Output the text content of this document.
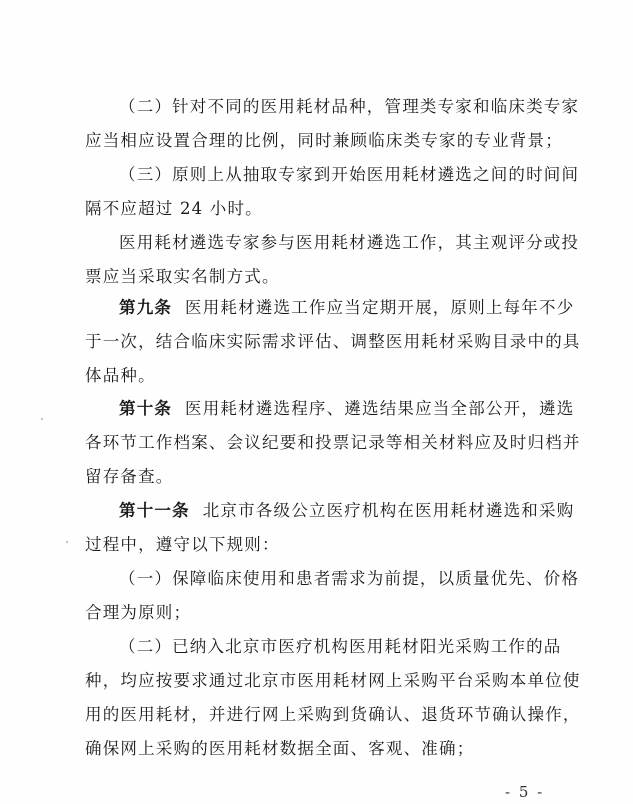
（二）针对不同的医用耗材品种，管理类专家和临床类专家
应当相应设置合理的比例，同时兼顾临床类专家的专业背景；
（三）原则上从抽取专家到开始医用耗材遴选之间的时间间
隔不应超过 24 小时。
医用耗材遴选专家参与医用耗材遴选工作，其主观评分或投
票应当采取实名制方式。
第九条 医用耗材遴选工作应当定期开展，原则上每年不少
于一次，结合临床实际需求评估、调整医用耗材采购目录中的具
体品种。
第十条 医用耗材遴选程序、遴选结果应当全部公开，遴选
各环节工作档案、会议纪要和投票记录等相关材料应及时归档并
留存备查。
第十一条 北京市各级公立医疗机构在医用耗材遴选和采购
过程中，遵守以下规则：
（一）保障临床使用和患者需求为前提，以质量优先、价格
合理为原则；
（二）已纳入北京市医疗机构医用耗材阳光采购工作的品
种，均应按要求通过北京市医用耗材网上采购平台采购本单位使
用的医用耗材，并进行网上采购到货确认、退货环节确认操作，
确保网上采购的医用耗材数据全面、客观、准确；
- 5 -
